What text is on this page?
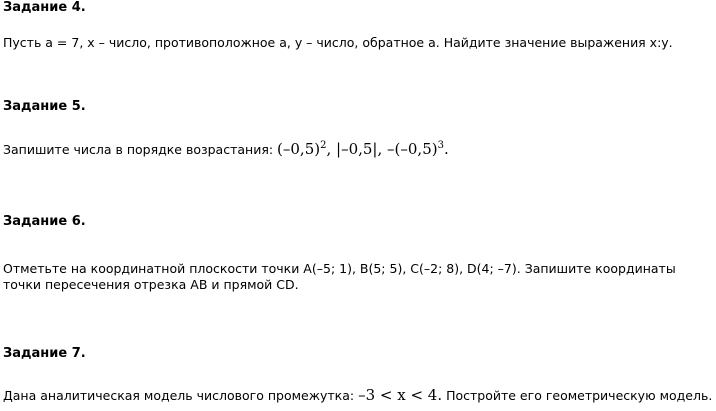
Задание 4.
Пусть а = 7, х – число, противоположное а, у – число, обратное а. Найдите значение выражения х:у.
Задание 5.
Запишите числа в порядке возрастания: $(-0,5)^2$, |–0,5|, $-(-0,5)^3$.
Задание 6.
Отметьте на координатной плоскости точки A(–5; 1), B(5; 5), C(–2; 8), D(4; –7). Запишите координаты
точки пересечения отрезка AB и прямой CD.
Задание 7.
Дана аналитическая модель числового промежутка: –3 < x < 4. Постройте его геометрическую модель.
